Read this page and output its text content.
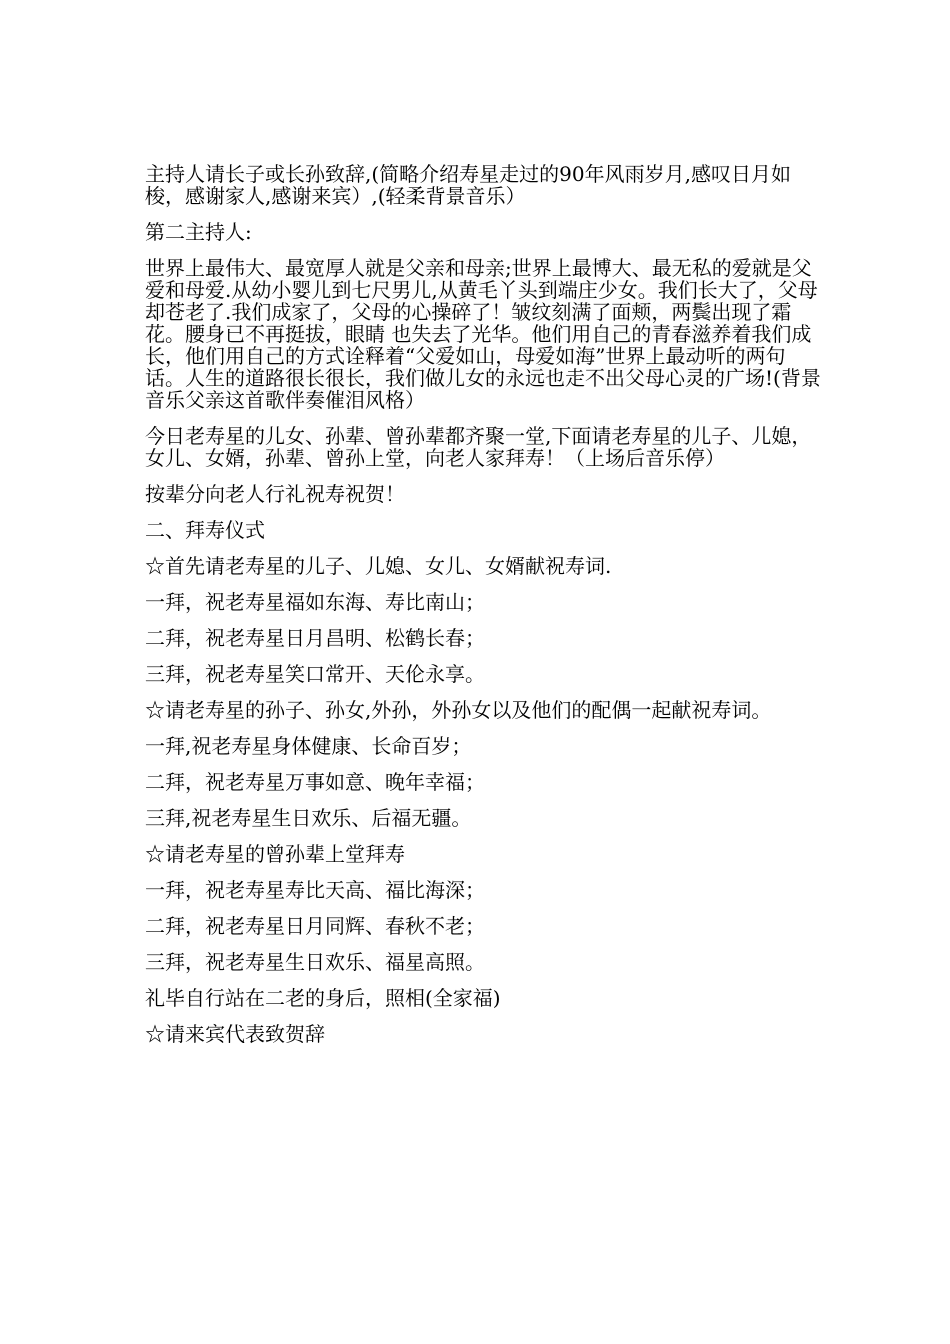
主持人请长子或长孙致辞,(简略介绍寿星走过的90年风雨岁月,感叹日月如梭，感谢家人,感谢来宾）,(轻柔背景音乐）

第二主持人:

世界上最伟大、最宽厚人就是父亲和母亲;世界上最博大、最无私的爱就是父爱和母爱.从幼小婴儿到七尺男儿,从黄毛丫头到端庄少女。我们长大了，父母却苍老了.我们成家了，父母的心操碎了！皱纹刻满了面颊，两鬓出现了霜花。腰身已不再挺拔，眼睛 也失去了光华。他们用自己的青春滋养着我们成长，他们用自己的方式诠释着“父爱如山，母爱如海”世界上最动听的两句话。人生的道路很长很长，我们做儿女的永远也走不出父母心灵的广场!(背景音乐父亲这首歌伴奏催泪风格）

今日老寿星的儿女、孙辈、曾孙辈都齐聚一堂,下面请老寿星的儿子、儿媳，女儿、女婿，孙辈、曾孙上堂，向老人家拜寿！（上场后音乐停）

按辈分向老人行礼祝寿祝贺！

二、拜寿仪式

☆首先请老寿星的儿子、儿媳、女儿、女婿献祝寿词.

一拜，祝老寿星福如东海、寿比南山；

二拜，祝老寿星日月昌明、松鹤长春；

三拜，祝老寿星笑口常开、天伦永享。

☆请老寿星的孙子、孙女,外孙，外孙女以及他们的配偶一起献祝寿词。

一拜,祝老寿星身体健康、长命百岁；

二拜，祝老寿星万事如意、晚年幸福；

三拜,祝老寿星生日欢乐、后福无疆。

☆请老寿星的曾孙辈上堂拜寿

一拜，祝老寿星寿比天高、福比海深；

二拜，祝老寿星日月同辉、春秋不老；

三拜，祝老寿星生日欢乐、福星高照。

礼毕自行站在二老的身后，照相(全家福)

☆请来宾代表致贺辞
